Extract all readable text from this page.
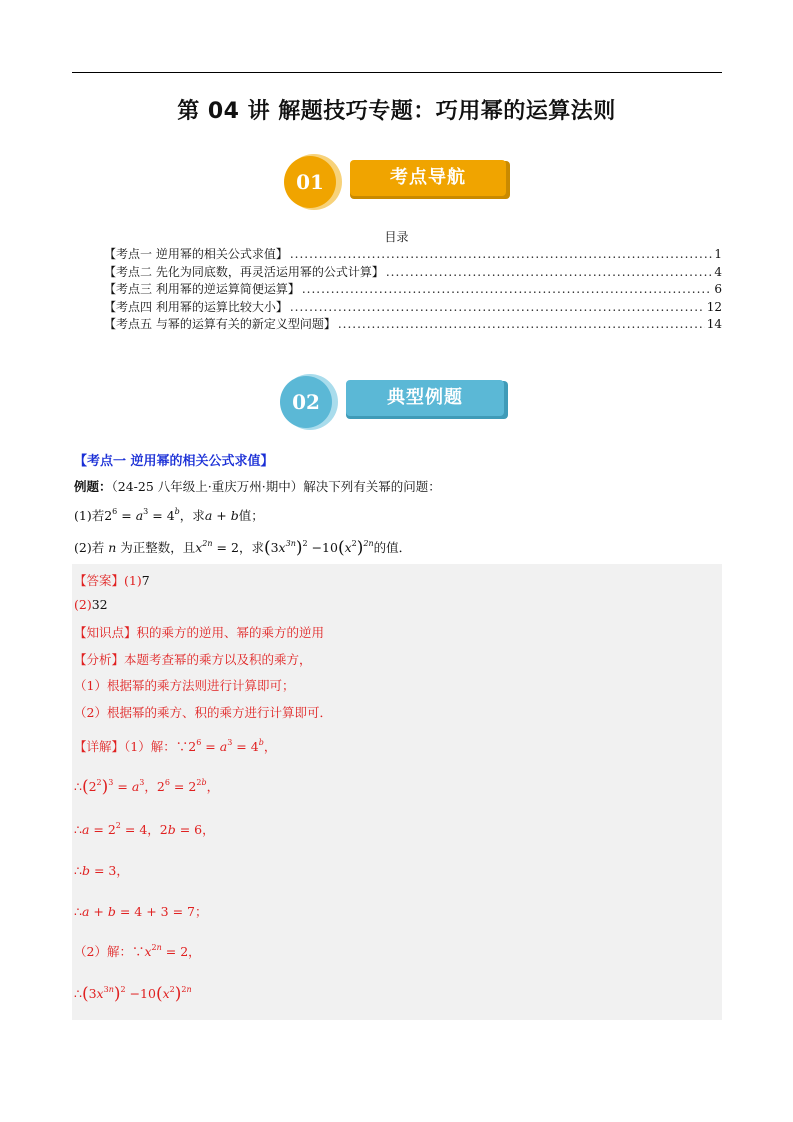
第 04 讲 解题技巧专题：巧用幂的运算法则
考点导航
01
目录
【考点一 逆用幂的相关公式求值】 .....	1
【考点二 先化为同底数，再灵活运用幂的公式计算】 .....	4
【考点三 利用幂的逆运算简便运算】 .....	6
【考点四 利用幂的运算比较大小】 .....	12
【考点五 与幂的运算有关的新定义型问题】 .....	14
典型例题
02
【考点一 逆用幂的相关公式求值】
例题：（24-25 八年级上·重庆万州·期中）解决下列有关幂的问题：
(1)若$2^6 = a^3 = 4^b$，求a + b值；
(2)若 n 为正整数，且$x^{2n} = 2$，求$(3x^{3n})^2 -10(x^2)^{2n}$的值．
【答案】(1)7
(2)32
【知识点】积的乘方的逆用、幂的乘方的逆用
【分析】本题考查幂的乘方以及积的乘方，
（1）根据幂的乘方法则进行计算即可；
（2）根据幂的乘方、积的乘方进行计算即可．
【详解】（1）解：$\because 2^6 = a^3 = 4^b$，
$\therefore(2^2)^3 = a^3$，$2^6 = 2^{2b}$，
∴a = $2^2 = 4$，2b = 6，
∴b = 3，
∴a + b = 4 + 3 = 7；
（2）解：$\because x^{2n} = 2$，
$\therefore(3x^{3n})^2 -10(x^2)^{2n}$
